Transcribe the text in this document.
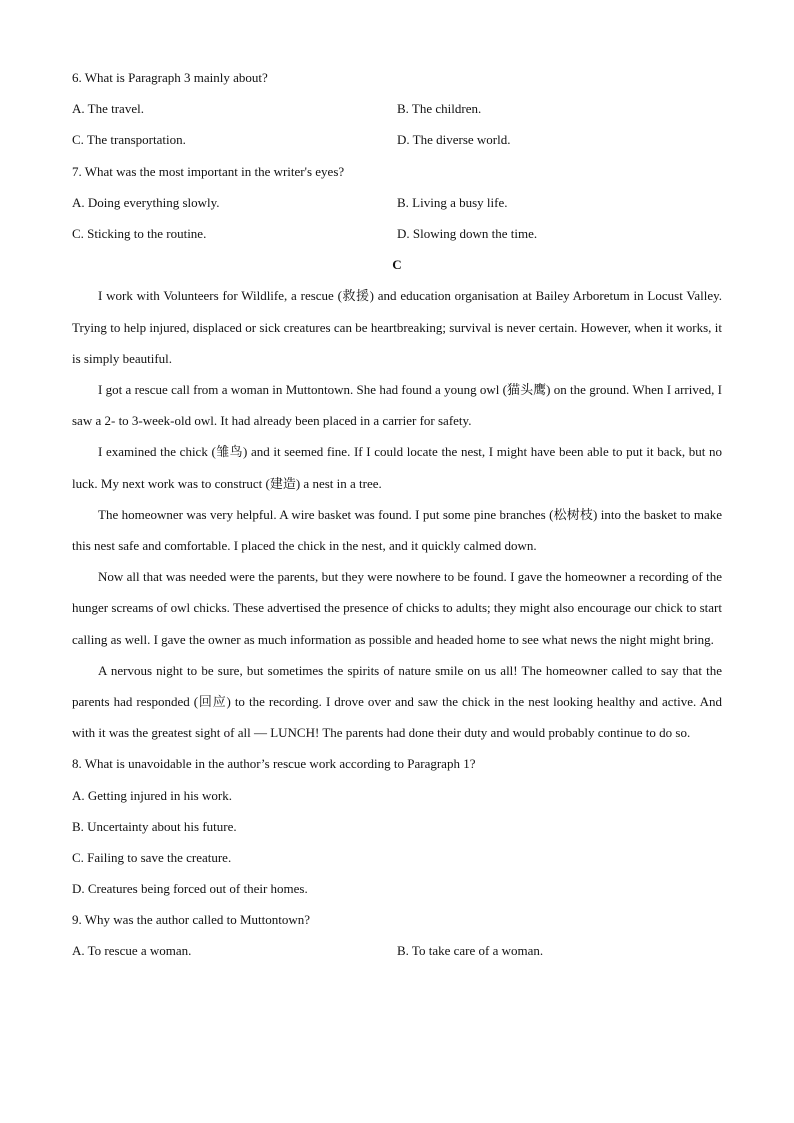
6. What is Paragraph 3 mainly about?
A. The travel.	B. The children.
C. The transportation.	D. The diverse world.
7. What was the most important in the writer's eyes?
A. Doing everything slowly.	B. Living a busy life.
C. Sticking to the routine.	D. Slowing down the time.
C

I work with Volunteers for Wildlife, a rescue (救援) and education organisation at Bailey Arboretum in Locust Valley. Trying to help injured, displaced or sick creatures can be heartbreaking; survival is never certain. However, when it works, it is simply beautiful.

I got a rescue call from a woman in Muttontown. She had found a young owl (猫头鹰) on the ground. When I arrived, I saw a 2- to 3-week-old owl. It had already been placed in a carrier for safety.

I examined the chick (雏鸟) and it seemed fine. If I could locate the nest, I might have been able to put it back, but no luck. My next work was to construct (建造) a nest in a tree.

The homeowner was very helpful. A wire basket was found. I put some pine branches (松树枝) into the basket to make this nest safe and comfortable. I placed the chick in the nest, and it quickly calmed down.

Now all that was needed were the parents, but they were nowhere to be found. I gave the homeowner a recording of the hunger screams of owl chicks. These advertised the presence of chicks to adults; they might also encourage our chick to start calling as well. I gave the owner as much information as possible and headed home to see what news the night might bring.

A nervous night to be sure, but sometimes the spirits of nature smile on us all! The homeowner called to say that the parents had responded (回应) to the recording. I drove over and saw the chick in the nest looking healthy and active. And with it was the greatest sight of all — LUNCH! The parents had done their duty and would probably continue to do so.

8. What is unavoidable in the author’s rescue work according to Paragraph 1?
A. Getting injured in his work.
B. Uncertainty about his future.
C. Failing to save the creature.
D. Creatures being forced out of their homes.
9. Why was the author called to Muttontown?
A. To rescue a woman.	B. To take care of a woman.
